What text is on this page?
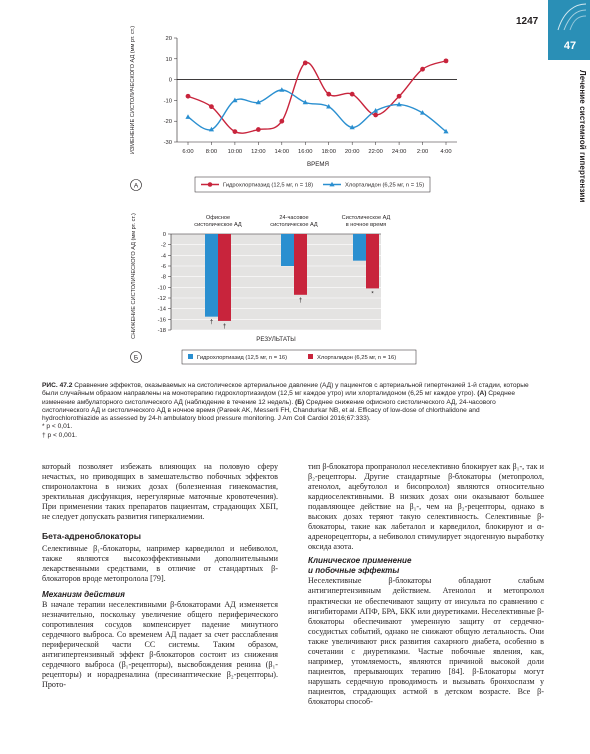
1247
47
Лечение системной гипертензии
ИЗМЕНЕНИЕ СИСТОЛИЧЕСКОГО АД (мм рт. ст.)	20
10
0
-10
-20
-30
6:00 8:00 10:00 12:00 14:00 16:00 18:00 20:00 22:00 24:00 2:00 4:00
ВРЕМЯ
А	Гидрохлортиазид (12,5 мг, n = 18)	Хлорталидон (6,25 мг, n = 15)
СНИЖЕНИЕ СИСТОЛИЧЕСКОГО АД (мм рт. ст.)	0
-2
-4
-6
-8
-10
-12
-14
-16
-18
Офисное
систолическое АД
24-часовое
систолическое АД
Систолическое АД
в ночное время
†
†
†
*
РЕЗУЛЬТАТЫ
Б	Гидрохлортиазид (12,5 мг, n = 16)	Хлорталидон (6,25 мг, n = 16)
РИС. 47.2 Сравнение эффектов, оказываемых на систолическое артериальное давление (АД) у пациентов с артериальной гипертензией 1-й стадии, которые были случайным образом направлены на монотерапию гидрохлортиазидом (12,5 мг каждое утро) или хлорталидоном (6,25 мг каждое утро). (А) Среднее изменение амбулаторного систолического АД (наблюдение в течение 12 недель). (Б) Среднее снижение офисного систолического АД, 24-часового систолического АД и систолического АД в ночное время (Pareek AK, Messerli FH, Chandurkar NB, et al. Efficacy of low-dose of chlorthalidone and hydrochlorothiazide as assessed by 24-h ambulatory blood pressure monitoring. J Am Coll Cardiol 2016;67:333).
* p < 0,01.
† p < 0,001.

который позволяет избежать влияющих на половую сферу нечастых, но приводящих в замешательство побочных эффектов спиронолактона в низких дозах (болезненная гинекомастия, эректильная дисфункция, нерегулярные маточные кровотечения). При применении таких препаратов пациентам, страдающих ХБП, не следует допускать развития гиперкалиемии.

Бета-адреноблокаторы

Селективные β₁-блокаторы, например карведилол и небиволол, также являются высокоэффективными дополнительными лекарственными средствами, в отличие от стандартных β-блокаторов вроде метопролола [79].

Механизм действия

В начале терапии неселективными β-блокаторами АД изменяется незначительно, поскольку увеличение общего периферического сопротивления сосудов компенсирует падение минутного сердечного выброса. Со временем АД падает за счет расслабления периферической части СС системы. Таким образом, антигипертензивный эффект β-блокаторов состоит из снижения сердечного выброса (β₁-рецепторы), высвобождения ренина (β₁-рецепторы) и норадреналина (пресинаптические β₂-рецепторы). Прото-

тип β-блокатора пропранолол неселективно блокирует как β₁-, так и β₂-рецепторы. Другие стандартные β-блокаторы (метопролол, атенолол, ацебутолол и бисопролол) являются относительно кардиоселективными. В низких дозах они оказывают большее подавляющее действие на β₁-, чем на β₂-рецепторы, однако в высоких дозах теряют такую селективность. Селективные β-блокаторы, такие как лабеталол и карведилол, блокируют и α-адренорецепторы, а небиволол стимулирует эндогенную выработку оксида азота.

Клиническое применение
и побочные эффекты

Неселективные β-блокаторы обладают слабым антигипертензивным действием. Атенолол и метопролол практически не обеспечивают защиту от инсульта по сравнению с ингибиторами АПФ, БРА, БКК или диуретиками. Неселективные β-блокаторы обеспечивают умеренную защиту от сердечно-сосудистых событий, однако не снижают общую летальность. Они также увеличивают риск развития сахарного диабета, особенно в сочетании с диуретиками. Частые побочные явления, как, например, утомляемость, являются причиной высокой доли пациентов, прерывающих терапию [84]. β-Блокаторы могут нарушать сердечную проводимость и вызывать бронхоспазм у пациентов, страдающих астмой в детском возрасте. Все β-блокаторы способ-
